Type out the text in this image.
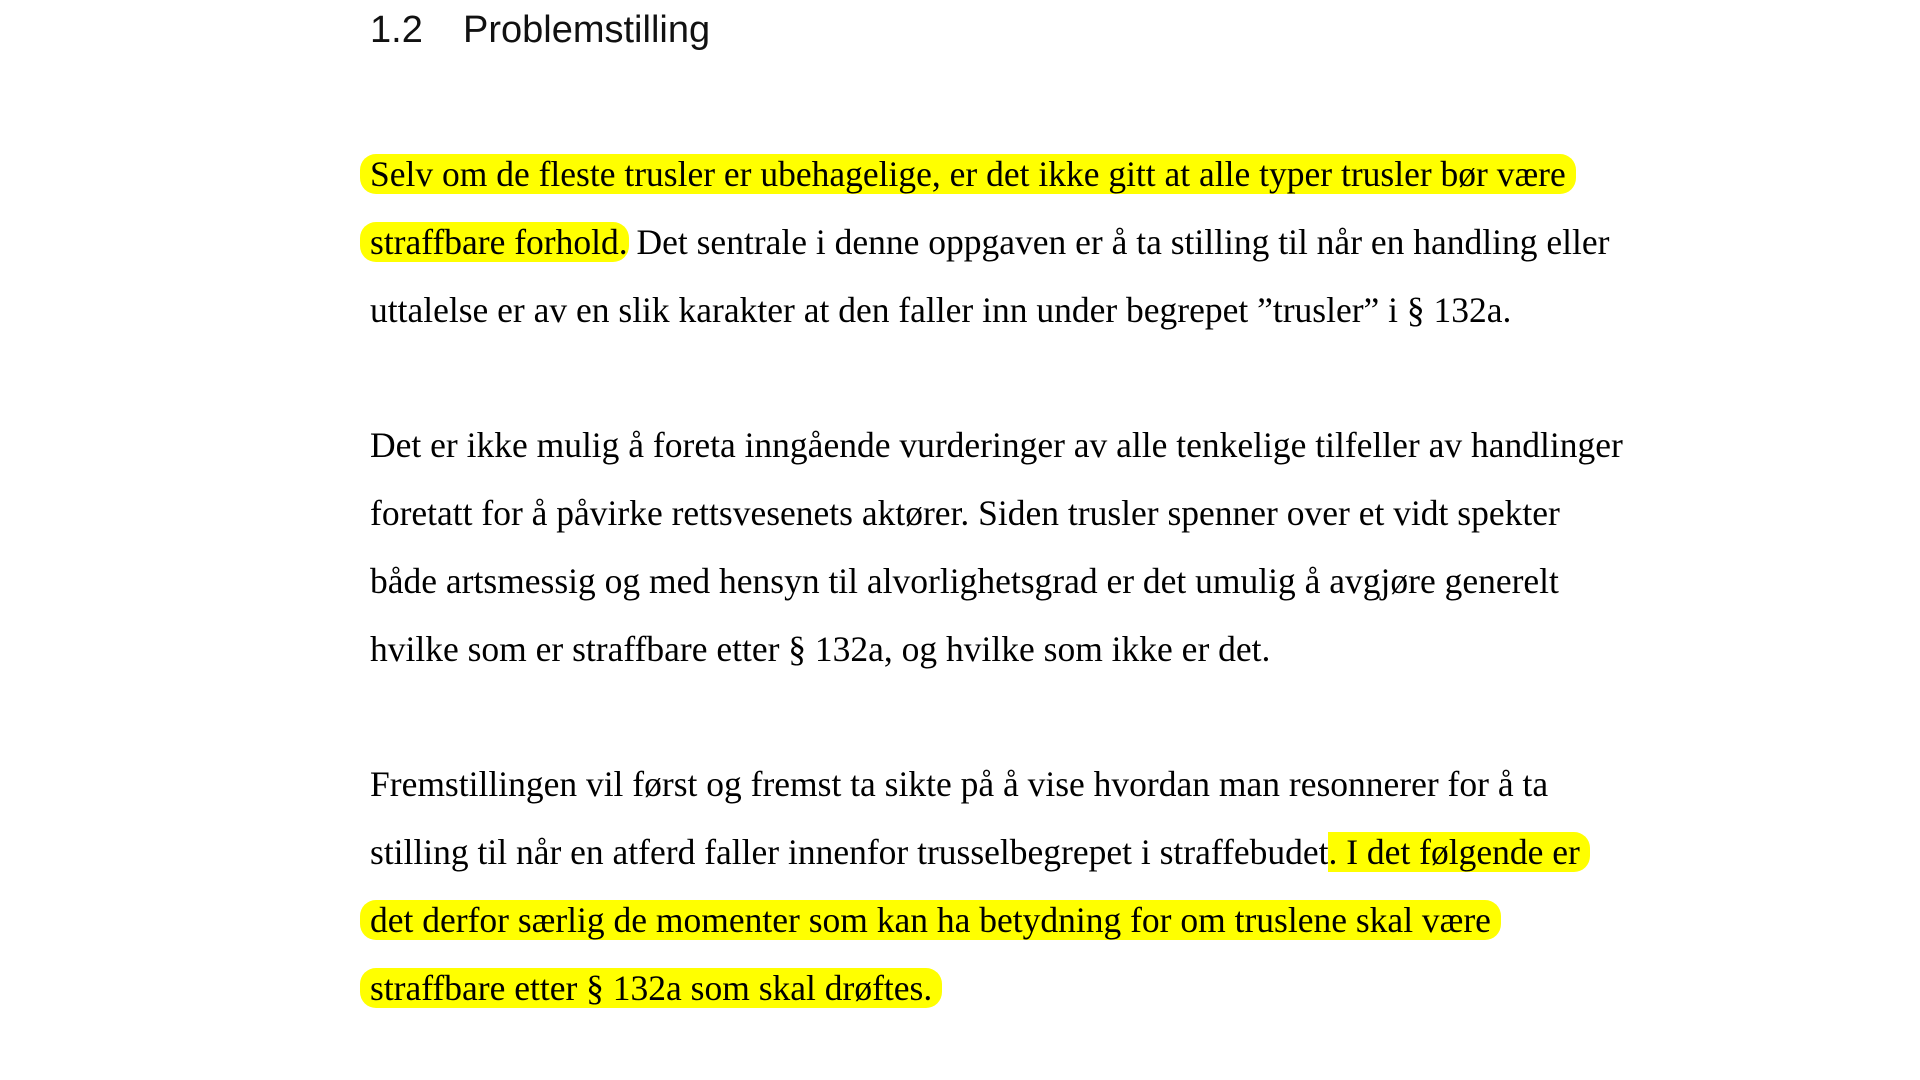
1.2 Problemstilling
Selv om de fleste trusler er ubehagelige, er det ikke gitt at alle typer trusler bør være
straffbare forhold. Det sentrale i denne oppgaven er å ta stilling til når en handling eller
uttalelse er av en slik karakter at den faller inn under begrepet ”trusler” i § 132a.
Det er ikke mulig å foreta inngående vurderinger av alle tenkelige tilfeller av handlinger
foretatt for å påvirke rettsvesenets aktører. Siden trusler spenner over et vidt spekter
både artsmessig og med hensyn til alvorlighetsgrad er det umulig å avgjøre generelt
hvilke som er straffbare etter § 132a, og hvilke som ikke er det.
Fremstillingen vil først og fremst ta sikte på å vise hvordan man resonnerer for å ta
stilling til når en atferd faller innenfor trusselbegrepet i straffebudet. I det følgende er
det derfor særlig de momenter som kan ha betydning for om truslene skal være
straffbare etter § 132a som skal drøftes.
